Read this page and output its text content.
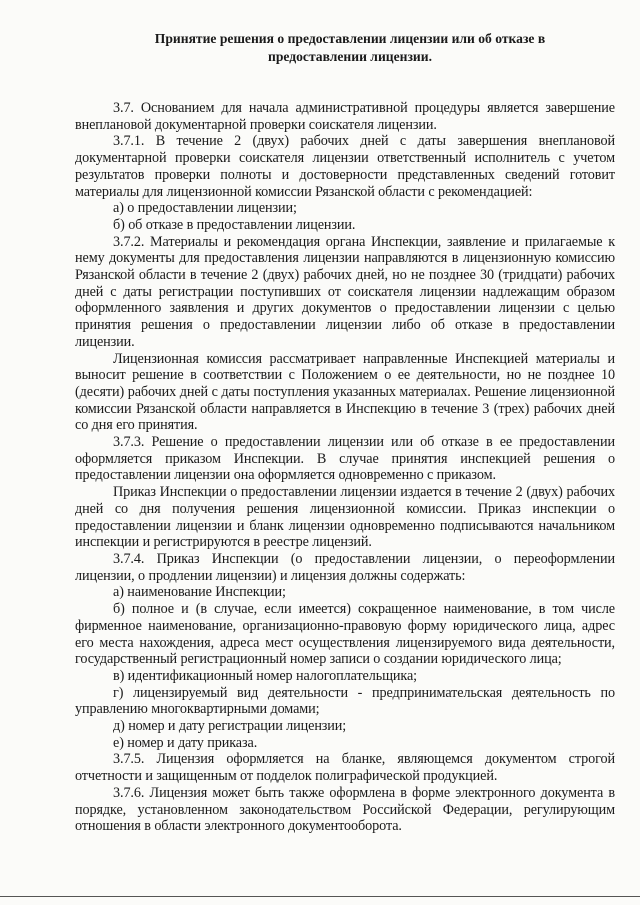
Принятие решения о предоставлении лицензии или об отказе в
предоставлении лицензии.

3.7. Основанием для начала административной процедуры является завершение внеплановой документарной проверки соискателя лицензии.

3.7.1. В течение 2 (двух) рабочих дней с даты завершения внеплановой документарной проверки соискателя лицензии ответственный исполнитель с учетом результатов проверки полноты и достоверности представленных сведений готовит материалы для лицензионной комиссии Рязанской области с рекомендацией:

а) о предоставлении лицензии;

б) об отказе в предоставлении лицензии.

3.7.2. Материалы и рекомендация органа Инспекции, заявление и прилагаемые к нему документы для предоставления лицензии направляются в лицензионную комиссию Рязанской области в течение 2 (двух) рабочих дней, но не позднее 30 (тридцати) рабочих дней с даты регистрации поступивших от соискателя лицензии надлежащим образом оформленного заявления и других документов о предоставлении лицензии с целью принятия решения о предоставлении лицензии либо об отказе в предоставлении лицензии.

Лицензионная комиссия рассматривает направленные Инспекцией материалы и выносит решение в соответствии с Положением о ее деятельности, но не позднее 10 (десяти) рабочих дней с даты поступления указанных материалах. Решение лицензионной комиссии Рязанской области направляется в Инспекцию в течение 3 (трех) рабочих дней со дня его принятия.

3.7.3. Решение о предоставлении лицензии или об отказе в ее предоставлении оформляется приказом Инспекции. В случае принятия инспекцией решения о предоставлении лицензии она оформляется одновременно с приказом.

Приказ Инспекции о предоставлении лицензии издается в течение 2 (двух) рабочих дней со дня получения решения лицензионной комиссии. Приказ инспекции о предоставлении лицензии и бланк лицензии одновременно подписываются начальником инспекции и регистрируются в реестре лицензий.

3.7.4. Приказ Инспекции (о предоставлении лицензии, о переоформлении лицензии, о продлении лицензии) и лицензия должны содержать:

а) наименование Инспекции;

б) полное и (в случае, если имеется) сокращенное наименование, в том числе фирменное наименование, организационно-правовую форму юридического лица, адрес его места нахождения, адреса мест осуществления лицензируемого вида деятельности, государственный регистрационный номер записи о создании юридического лица;

в) идентификационный номер налогоплательщика;

г) лицензируемый вид деятельности - предпринимательская деятельность по управлению многоквартирными домами;

д) номер и дату регистрации лицензии;

е) номер и дату приказа.

3.7.5. Лицензия оформляется на бланке, являющемся документом строгой отчетности и защищенным от подделок полиграфической продукцией.

3.7.6. Лицензия может быть также оформлена в форме электронного документа в порядке, установленном законодательством Российской Федерации, регулирующим отношения в области электронного документооборота.
